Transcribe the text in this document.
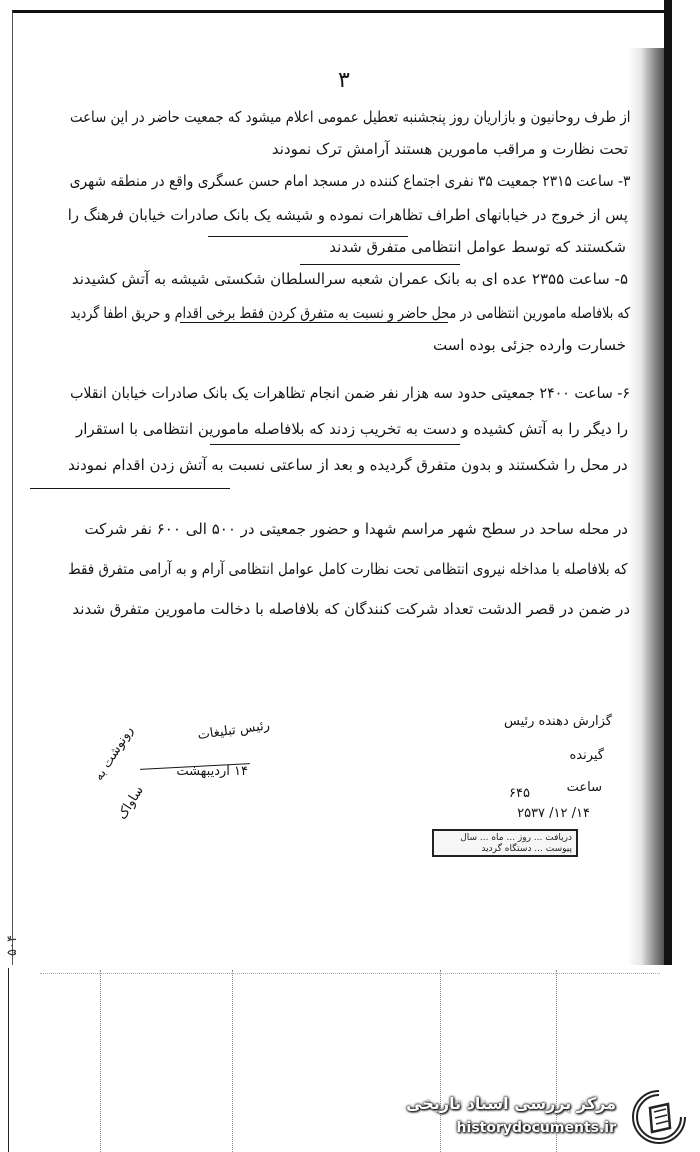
۳
از طرف روحانیون و بازاریان روز پنجشنبه تعطیل عمومی اعلام میشود که جمعیت حاضر در این ساعت
تحت نظارت و مراقب مامورین هستند آرامش ترک نمودند
۳- ساعت ۲۳۱۵ جمعیت ۳۵ نفری اجتماع کننده در مسجد امام حسن عسگری واقع در منطقه شهری
پس از خروج در خیابانهای اطراف تظاهرات نموده و شیشه یک بانک صادرات خیابان فرهنگ را
شکستند که توسط عوامل انتظامی متفرق شدند
۵- ساعت ۲۳۵۵ عده ای به بانک عمران شعبه سرالسلطان شکستی شیشه به آتش کشیدند
که بلافاصله مامورین انتظامی در محل حاضر و نسبت به متفرق کردن فقط برخی اقدام و حریق اطفا گردید
خسارت وارده جزئی بوده است
۶- ساعت ۲۴۰۰ جمعیتی حدود سه هزار نفر ضمن انجام تظاهرات یک بانک صادرات خیابان انقلاب
را دیگر را به آتش کشیده و دست به تخریب زدند که بلافاصله مامورین انتظامی با استقرار
در محل را شکستند و بدون متفرق گردیده و بعد از ساعتی نسبت به آتش زدن اقدام نمودند
در محله ساحد در سطح شهر مراسم شهدا و حضور جمعیتی در ۵۰۰ الی ۶۰۰ نفر شرکت
که بلافاصله با مداخله نیروی انتظامی تحت نظارت کامل عوامل انتظامی آرام و به آرامی متفرق فقط
در ضمن در قصر الدشت تعداد شرکت کنندگان که بلافاصله با دخالت مامورین متفرق شدند
رونوشت به
ساواک
رئیس تبلیغات
۱۴ اردیبهشت
گزارش دهنده رئیس
گیرنده
ساعت
۶۴۵
۱۴/ ۱۲/ ۲۵۳۷
دریافت ... روز ... ماه ... سال
پیوست ... دستگاه گردید
۵۰۴
مرکز بررسی اسناد تاریخی
historydocuments.ir
